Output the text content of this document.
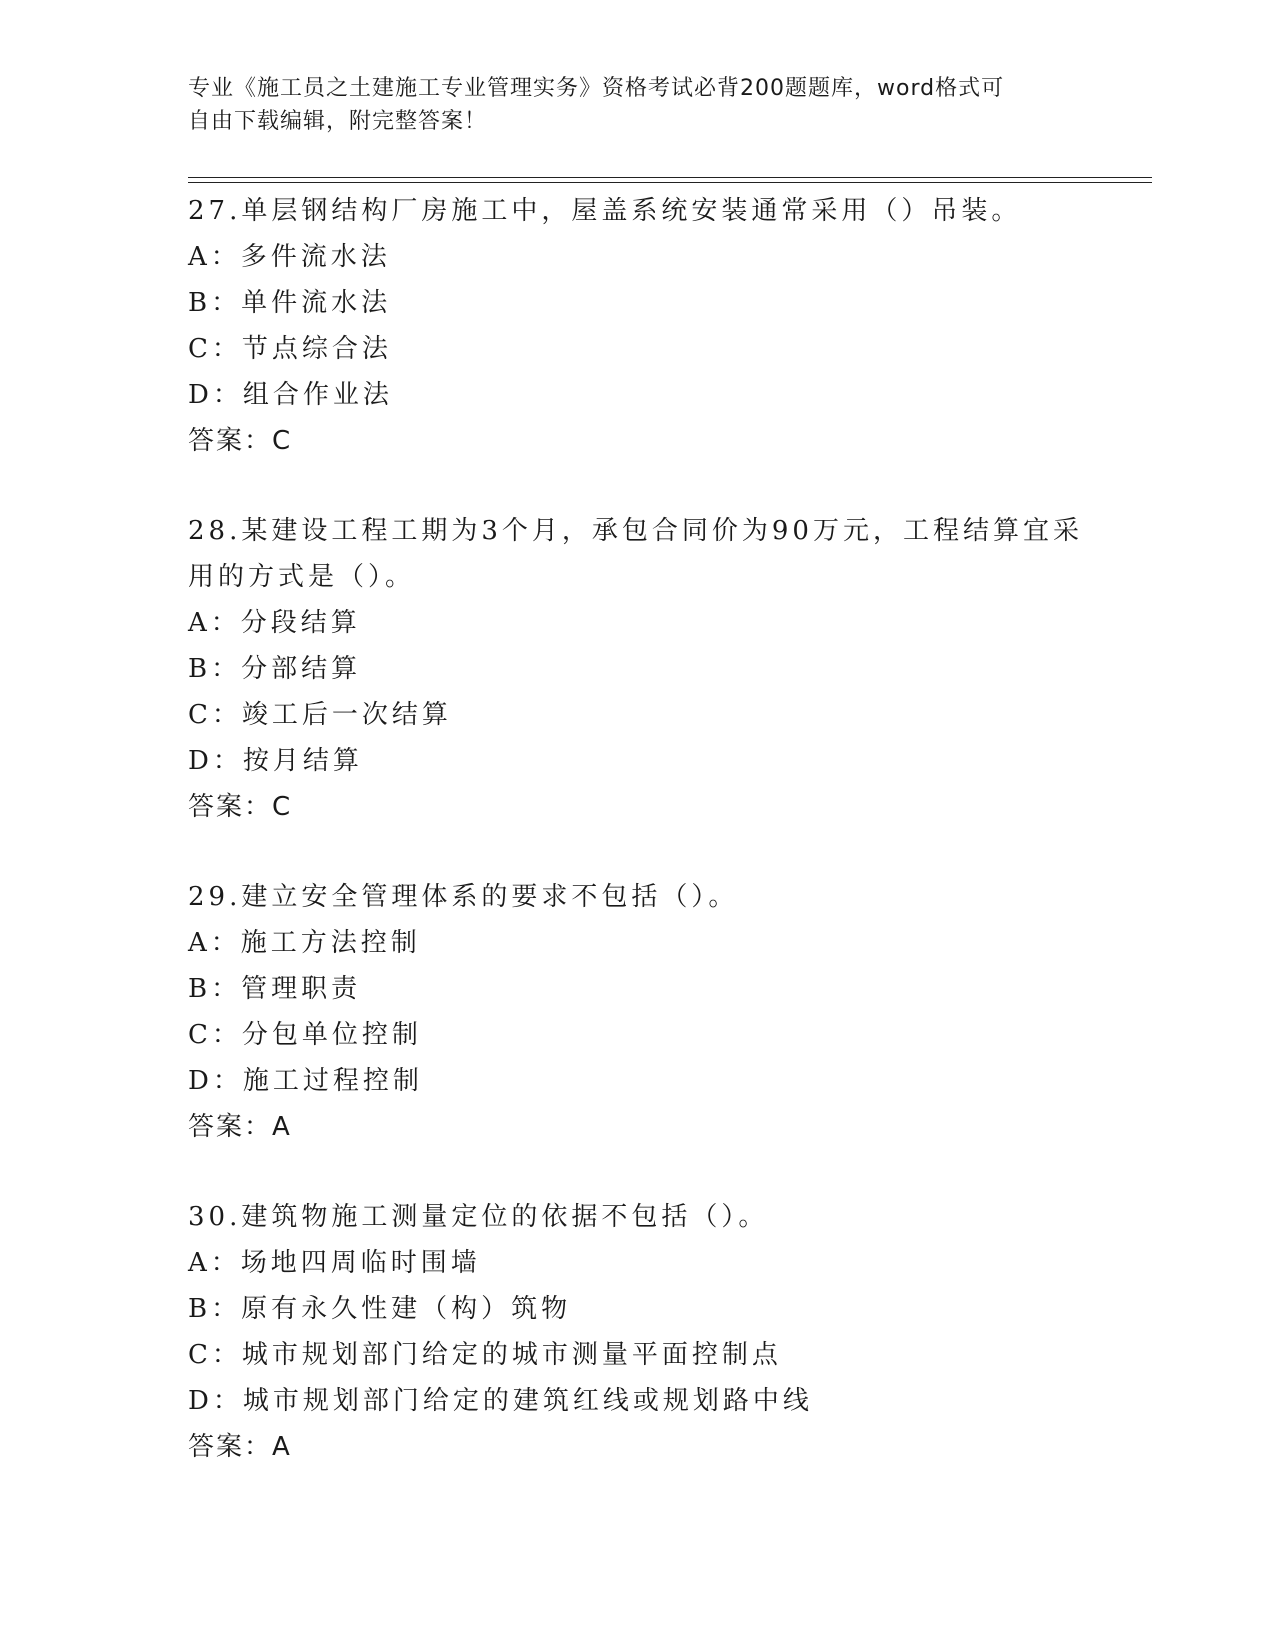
专业《施工员之土建施工专业管理实务》资格考试必背200题题库，word格式可
自由下载编辑，附完整答案！

27.单层钢结构厂房施工中，屋盖系统安装通常采用（）吊装。

A：多件流水法

B：单件流水法

C：节点综合法

D：组合作业法

答案：C

28.某建设工程工期为3个月，承包合同价为90万元，工程结算宜采用的方式是（）。

A：分段结算

B：分部结算

C：竣工后一次结算

D：按月结算

答案：C

29.建立安全管理体系的要求不包括（）。

A：施工方法控制

B：管理职责

C：分包单位控制

D：施工过程控制

答案：A

30.建筑物施工测量定位的依据不包括（）。

A：场地四周临时围墙

B：原有永久性建（构）筑物

C：城市规划部门给定的城市测量平面控制点

D：城市规划部门给定的建筑红线或规划路中线

答案：A
